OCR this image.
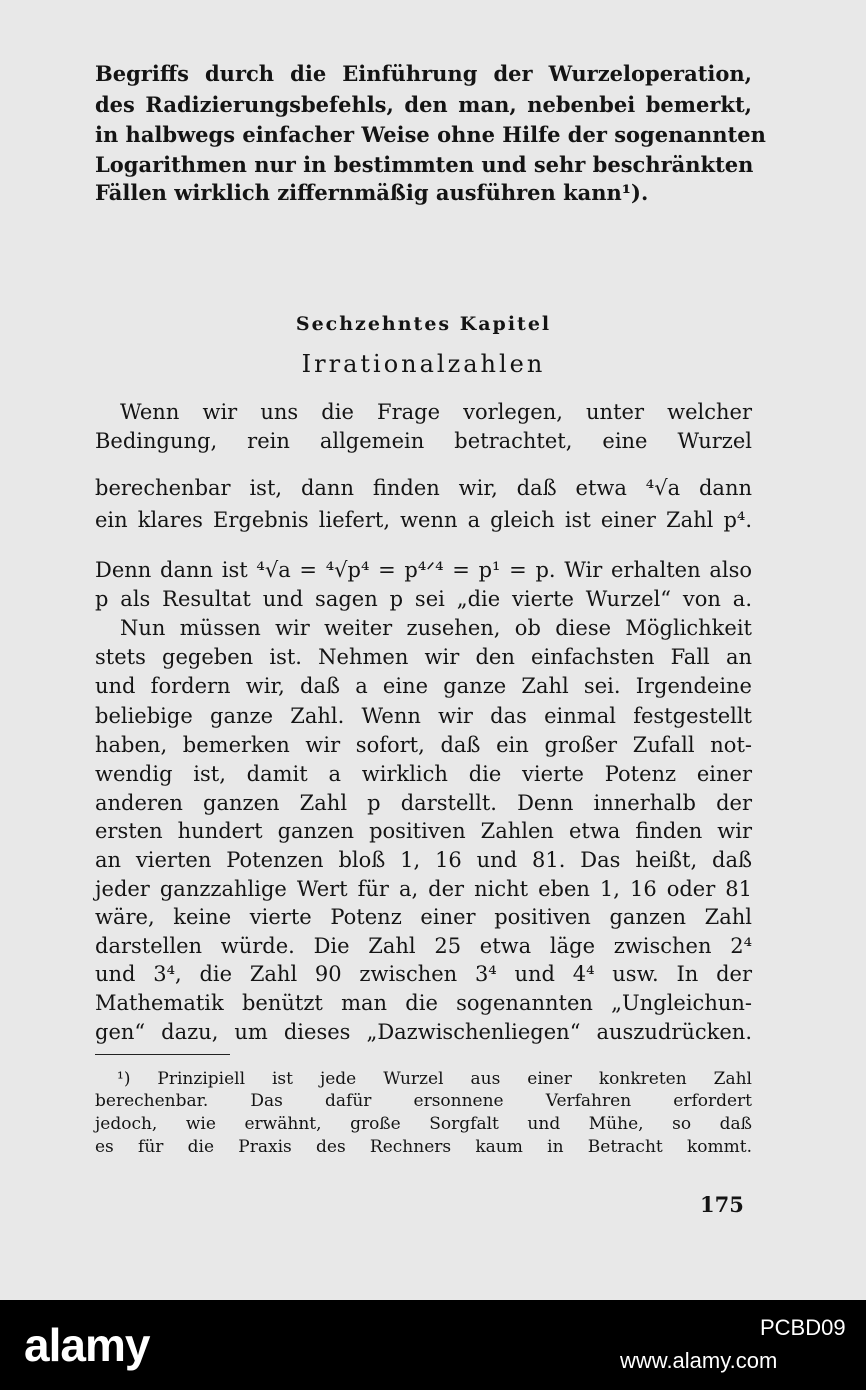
Begriffs durch die Einführung der Wurzeloperation,

des Radizierungsbefehls, den man, nebenbei bemerkt,

in halbwegs einfacher Weise ohne Hilfe der sogenannten

Logarithmen nur in bestimmten und sehr beschränkten

Fällen wirklich ziffernmäßig ausführen kann¹).

Sechzehntes Kapitel

Irrationalzahlen

Wenn wir uns die Frage vorlegen, unter welcher

Bedingung, rein allgemein betrachtet, eine Wurzel

berechenbar ist, dann finden wir, daß etwa ⁴√a dann

ein klares Ergebnis liefert, wenn a gleich ist einer Zahl p⁴.

Denn dann ist ⁴√a = ⁴√p⁴ = p⁴ᐟ⁴ = p¹ = p. Wir erhalten also

p als Resultat und sagen p sei „die vierte Wurzel“ von a.

Nun müssen wir weiter zusehen, ob diese Möglichkeit

stets gegeben ist. Nehmen wir den einfachsten Fall an

und fordern wir, daß a eine ganze Zahl sei. Irgendeine

beliebige ganze Zahl. Wenn wir das einmal festgestellt

haben, bemerken wir sofort, daß ein großer Zufall not-

wendig ist, damit a wirklich die vierte Potenz einer

anderen ganzen Zahl p darstellt. Denn innerhalb der

ersten hundert ganzen positiven Zahlen etwa finden wir

an vierten Potenzen bloß 1, 16 und 81. Das heißt, daß

jeder ganzzahlige Wert für a, der nicht eben 1, 16 oder 81

wäre, keine vierte Potenz einer positiven ganzen Zahl

darstellen würde. Die Zahl 25 etwa läge zwischen 2⁴

und 3⁴, die Zahl 90 zwischen 3⁴ und 4⁴ usw. In der

Mathematik benützt man die sogenannten „Ungleichun-

gen“ dazu, um dieses „Dazwischenliegen“ auszudrücken.

¹) Prinzipiell ist jede Wurzel aus einer konkreten Zahl

berechenbar. Das dafür ersonnene Verfahren erfordert

jedoch, wie erwähnt, große Sorgfalt und Mühe, so daß

es für die Praxis des Rechners kaum in Betracht kommt.

175
alamy	PCBD09
www.alamy.com
